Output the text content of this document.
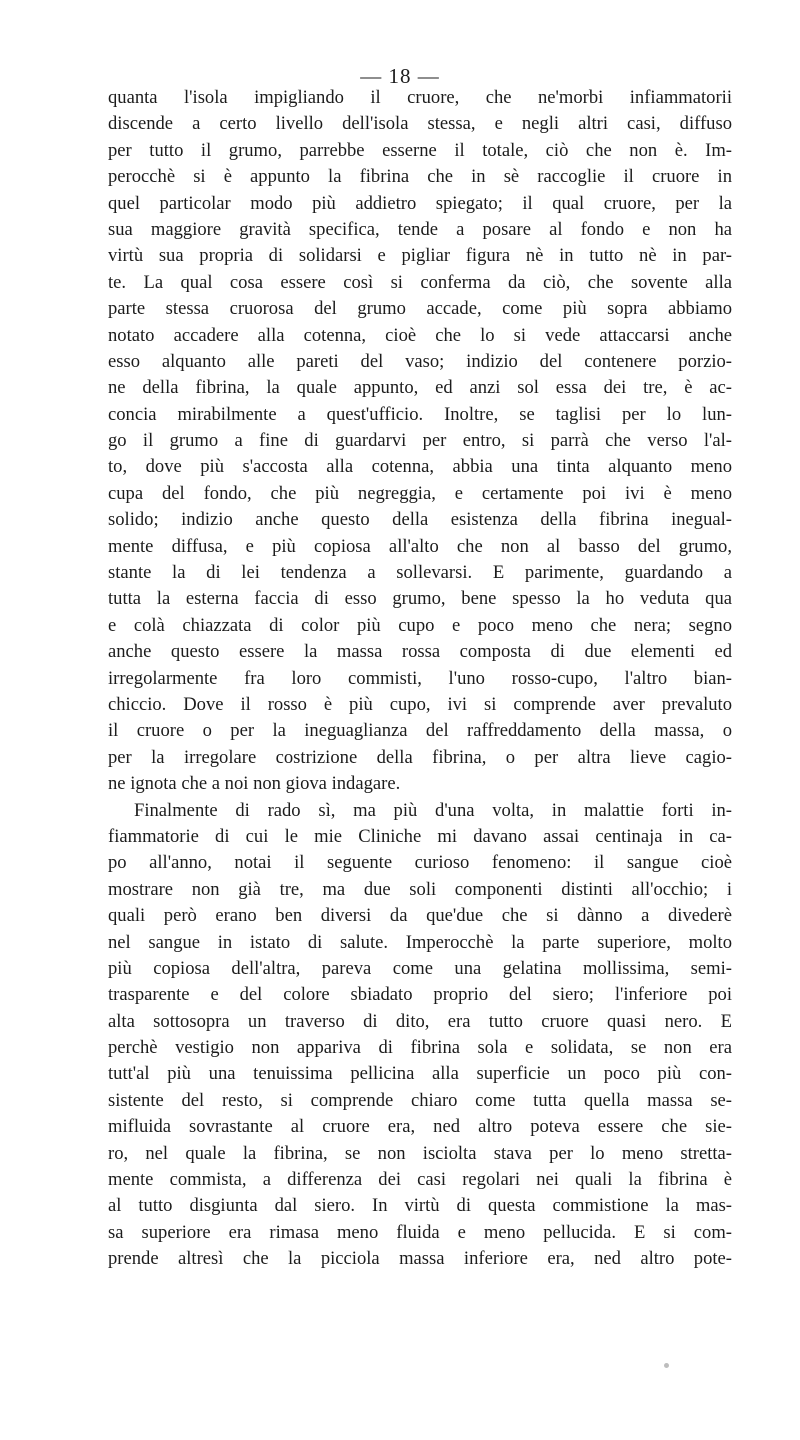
— 18 —
quanta l'isola impigliando il cruore, che ne'morbi infiammatorii
discende a certo livello dell'isola stessa, e negli altri casi, diffuso
per tutto il grumo, parrebbe esserne il totale, ciò che non è. Im-
perocchè si è appunto la fibrina che in sè raccoglie il cruore in
quel particolar modo più addietro spiegato; il qual cruore, per la
sua maggiore gravità specifica, tende a posare al fondo e non ha
virtù sua propria di solidarsi e pigliar figura nè in tutto nè in par-
te. La qual cosa essere così si conferma da ciò, che sovente alla
parte stessa cruorosa del grumo accade, come più sopra abbiamo
notato accadere alla cotenna, cioè che lo si vede attaccarsi anche
esso alquanto alle pareti del vaso; indizio del contenere porzio-
ne della fibrina, la quale appunto, ed anzi sol essa dei tre, è ac-
concia mirabilmente a quest'ufficio. Inoltre, se taglisi per lo lun-
go il grumo a fine di guardarvi per entro, si parrà che verso l'al-
to, dove più s'accosta alla cotenna, abbia una tinta alquanto meno
cupa del fondo, che più negreggia, e certamente poi ivi è meno
solido; indizio anche questo della esistenza della fibrina inegual-
mente diffusa, e più copiosa all'alto che non al basso del grumo,
stante la di lei tendenza a sollevarsi. E parimente, guardando a
tutta la esterna faccia di esso grumo, bene spesso la ho veduta qua
e colà chiazzata di color più cupo e poco meno che nera; segno
anche questo essere la massa rossa composta di due elementi ed
irregolarmente fra loro commisti, l'uno rosso-cupo, l'altro bian-
chiccio. Dove il rosso è più cupo, ivi si comprende aver prevaluto
il cruore o per la ineguaglianza del raffreddamento della massa, o
per la irregolare costrizione della fibrina, o per altra lieve cagio-
ne ignota che a noi non giova indagare.
Finalmente di rado sì, ma più d'una volta, in malattie forti in-
fiammatorie di cui le mie Cliniche mi davano assai centinaja in ca-
po all'anno, notai il seguente curioso fenomeno: il sangue cioè
mostrare non già tre, ma due soli componenti distinti all'occhio; i
quali però erano ben diversi da que'due che si dànno a divederè
nel sangue in istato di salute. Imperocchè la parte superiore, molto
più copiosa dell'altra, pareva come una gelatina mollissima, semi-
trasparente e del colore sbiadato proprio del siero; l'inferiore poi
alta sottosopra un traverso di dito, era tutto cruore quasi nero. E
perchè vestigio non appariva di fibrina sola e solidata, se non era
tutt'al più una tenuissima pellicina alla superficie un poco più con-
sistente del resto, si comprende chiaro come tutta quella massa se-
mifluida sovrastante al cruore era, ned altro poteva essere che sie-
ro, nel quale la fibrina, se non isciolta stava per lo meno stretta-
mente commista, a differenza dei casi regolari nei quali la fibrina è
al tutto disgiunta dal siero. In virtù di questa commistione la mas-
sa superiore era rimasa meno fluida e meno pellucida. E si com-
prende altresì che la picciola massa inferiore era, ned altro pote-
